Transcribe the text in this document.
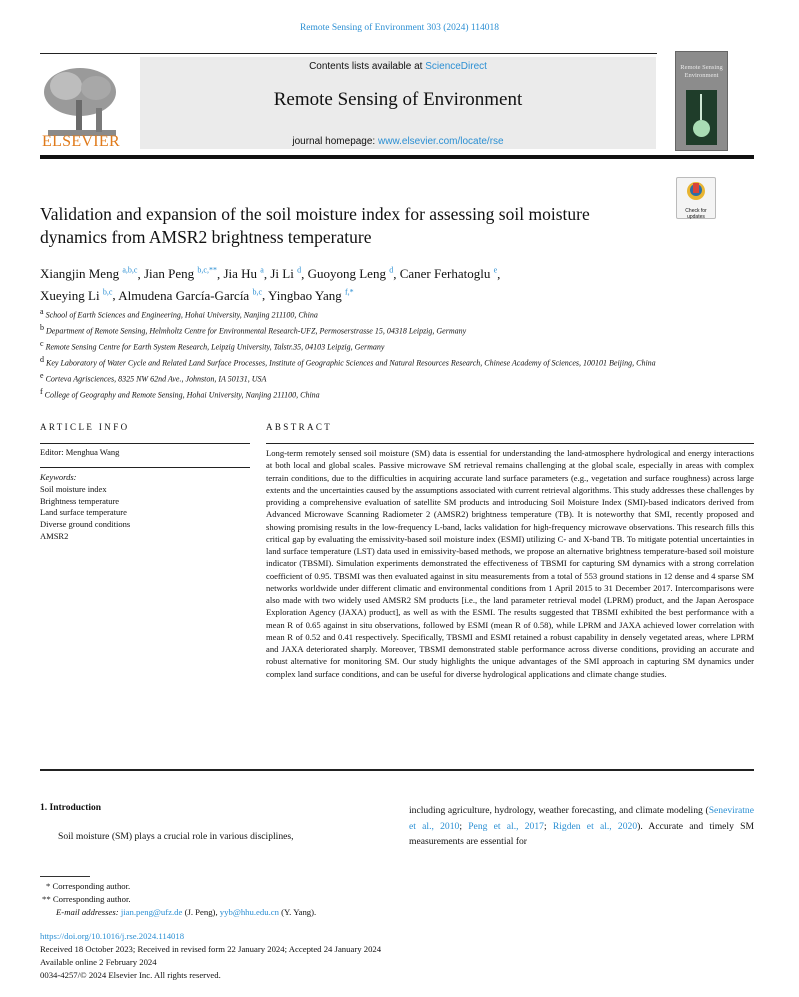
Remote Sensing of Environment 303 (2024) 114018
ELSEVIER
Contents lists available at ScienceDirect
Remote Sensing of Environment
journal homepage: www.elsevier.com/locate/rse
Remote Sensing Environment
Validation and expansion of the soil moisture index for assessing soil moisture dynamics from AMSR2 brightness temperature
Check for updates
Xiangjin Meng $^{a,b,c}$, Jian Peng $^{b,c,**}$, Jia Hu $^a$, Ji Li $^d$, Guoyong Leng $^d$, Caner Ferhatoglu $^e$,
Xueying Li $^{b,c}$, Almudena García-García $^{b,c}$, Yingbao Yang $^{f,*}$
$^a$ School of Earth Sciences and Engineering, Hohai University, Nanjing 211100, China
$^b$ Department of Remote Sensing, Helmholtz Centre for Environmental Research-UFZ, Permoserstrasse 15, 04318 Leipzig, Germany
$^c$ Remote Sensing Centre for Earth System Research, Leipzig University, Talstr.35, 04103 Leipzig, Germany
$^d$ Key Laboratory of Water Cycle and Related Land Surface Processes, Institute of Geographic Sciences and Natural Resources Research, Chinese Academy of Sciences, 100101 Beijing, China
$^e$ Corteva Agrisciences, 8325 NW 62nd Ave., Johnston, IA 50131, USA
$^f$ College of Geography and Remote Sensing, Hohai University, Nanjing 211100, China
ARTICLE INFO
Editor: Menghua Wang
Keywords:
Soil moisture index
Brightness temperature
Land surface temperature
Diverse ground conditions
AMSR2
ABSTRACT
Long-term remotely sensed soil moisture (SM) data is essential for understanding the land-atmosphere hydrological and energy interactions at both local and global scales. Passive microwave SM retrieval remains challenging at the global scale, especially in areas with complex terrain conditions, due to the difficulties in acquiring accurate land surface parameters (e.g., vegetation and surface roughness) across large extents and the uncertainties caused by the assumptions associated with current retrieval algorithms. This study addresses these challenges by providing a comprehensive evaluation of satellite SM products and introducing Soil Moisture Index (SMI)-based indicators derived from Advanced Microwave Scanning Radiometer 2 (AMSR2) brightness temperature (TB). It is noteworthy that SMI, recently proposed and showing promising results in the low-frequency L-band, lacks validation for high-frequency microwave observations. This research fills this critical gap by evaluating the emissivity-based soil moisture index (ESMI) utilizing C- and X-band TB. To mitigate potential uncertainties in land surface temperature (LST) data used in emissivity-based methods, we propose an alternative brightness temperature-based soil moisture indicator (TBSMI). Simulation experiments demonstrated the effectiveness of TBSMI for capturing SM dynamics with a strong correlation coefficient of 0.95. TBSMI was then evaluated against in situ measurements from a total of 553 ground stations in 12 dense and 4 sparse SM networks worldwide under different climatic and environmental conditions from 1 April 2015 to 31 December 2017. Intercomparisons were also made with two widely used AMSR2 SM products [i.e., the land parameter retrieval model (LPRM) product, and the Japan Aerospace Exploration Agency (JAXA) product], as well as with the ESMI. The results suggested that TBSMI exhibited the best performance with a mean R of 0.65 against in situ observations, followed by ESMI (mean R of 0.58), while LPRM and JAXA achieved lower correlation with mean R of 0.52 and 0.41 respectively. Specifically, TBSMI and ESMI retained a robust capability in densely vegetated areas, where LPRM and JAXA deteriorated sharply. Moreover, TBSMI demonstrated stable performance across diverse conditions, providing an accurate and robust alternative for monitoring SM. Our study highlights the unique advantages of the SMI approach in capturing SM dynamics under complex land surface conditions, and can be useful for diverse hydrological applications and climate change studies.
1. Introduction
Soil moisture (SM) plays a crucial role in various disciplines,
including agriculture, hydrology, weather forecasting, and climate modeling (Seneviratne et al., 2010; Peng et al., 2017; Rigden et al., 2020). Accurate and timely SM measurements are essential for
* Corresponding author.
** Corresponding author.
E-mail addresses: jian.peng@ufz.de (J. Peng), yyb@hhu.edu.cn (Y. Yang).
https://doi.org/10.1016/j.rse.2024.114018
Received 18 October 2023; Received in revised form 22 January 2024; Accepted 24 January 2024
Available online 2 February 2024
0034-4257/© 2024 Elsevier Inc. All rights reserved.
